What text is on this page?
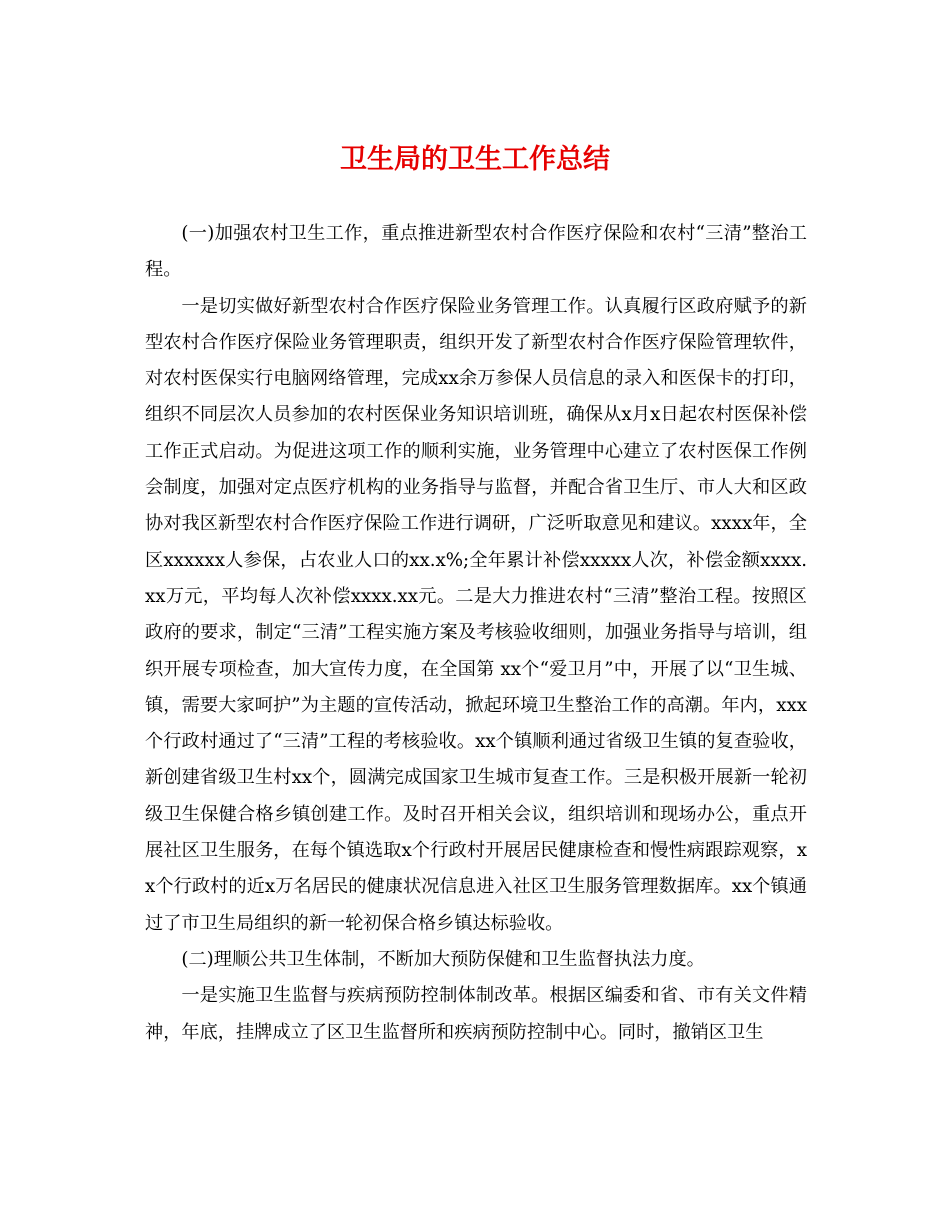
卫生局的卫生工作总结

(一)加强农村卫生工作，重点推进新型农村合作医疗保险和农村“三清”整治工程。

一是切实做好新型农村合作医疗保险业务管理工作。认真履行区政府赋予的新型农村合作医疗保险业务管理职责，组织开发了新型农村合作医疗保险管理软件，对农村医保实行电脑网络管理，完成xx余万参保人员信息的录入和医保卡的打印，组织不同层次人员参加的农村医保业务知识培训班，确保从x月x日起农村医保补偿工作正式启动。为促进这项工作的顺利实施，业务管理中心建立了农村医保工作例会制度，加强对定点医疗机构的业务指导与监督，并配合省卫生厅、市人大和区政协对我区新型农村合作医疗保险工作进行调研，广泛听取意见和建议。xxxx年，全区xxxxxx人参保，占农业人口的xx.x%;全年累计补偿xxxxx人次，补偿金额xxxx.xx万元，平均每人次补偿xxxx.xx元。二是大力推进农村“三清”整治工程。按照区政府的要求，制定“三清”工程实施方案及考核验收细则，加强业务指导与培训，组织开展专项检查，加大宣传力度，在全国第 xx个“爱卫月”中，开展了以“卫生城、镇，需要大家呵护”为主题的宣传活动，掀起环境卫生整治工作的高潮。年内，xxx个行政村通过了“三清”工程的考核验收。xx个镇顺利通过省级卫生镇的复查验收，新创建省级卫生村xx个，圆满完成国家卫生城市复查工作。三是积极开展新一轮初级卫生保健合格乡镇创建工作。及时召开相关会议，组织培训和现场办公，重点开展社区卫生服务，在每个镇选取x个行政村开展居民健康检查和慢性病跟踪观察，xx个行政村的近x万名居民的健康状况信息进入社区卫生服务管理数据库。xx个镇通过了市卫生局组织的新一轮初保合格乡镇达标验收。

(二)理顺公共卫生体制，不断加大预防保健和卫生监督执法力度。

一是实施卫生监督与疾病预防控制体制改革。根据区编委和省、市有关文件精神，年底，挂牌成立了区卫生监督所和疾病预防控制中心。同时，撤销区卫生
